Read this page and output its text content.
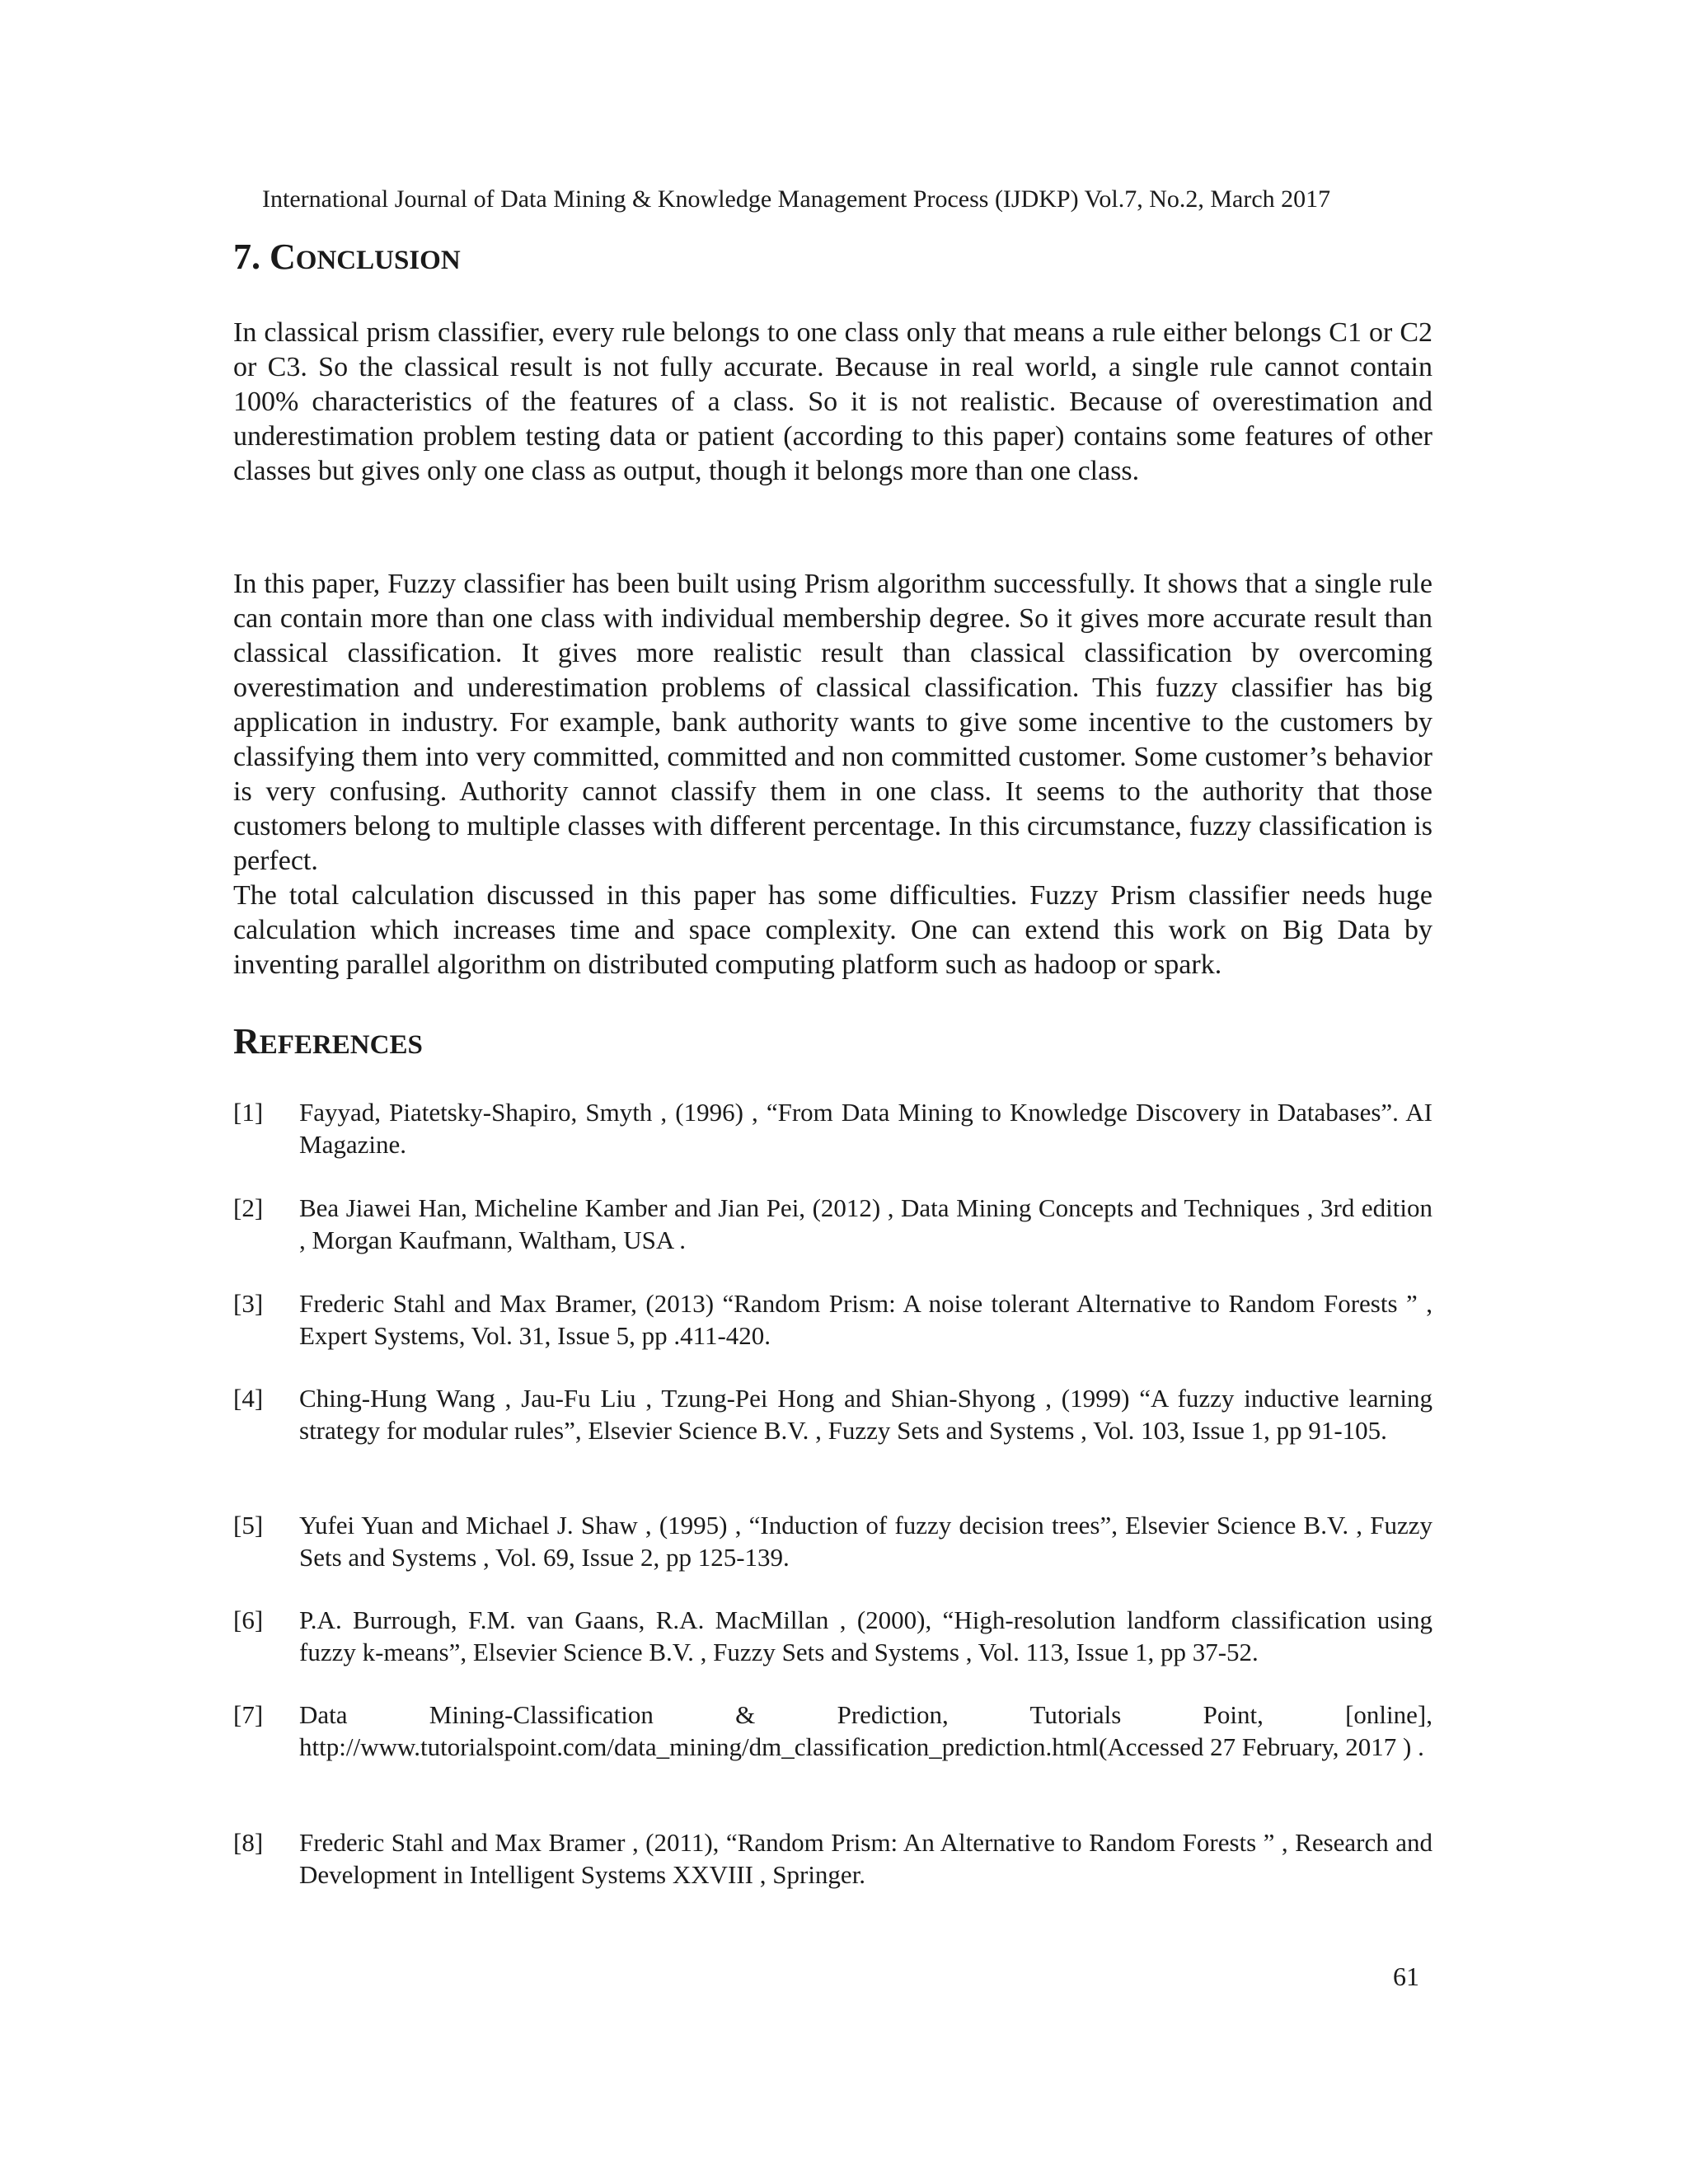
International Journal of Data Mining & Knowledge Management Process (IJDKP) Vol.7, No.2, March 2017
7. CONCLUSION
In classical prism classifier, every rule belongs to one class only that means a rule either belongs C1 or C2 or C3. So the classical result is not fully accurate. Because in real world, a single rule cannot contain 100% characteristics of the features of a class. So it is not realistic. Because of overestimation and underestimation problem testing data or patient (according to this paper) contains some features of other classes but gives only one class as output, though it belongs more than one class.
In this paper, Fuzzy classifier has been built using Prism algorithm successfully. It shows that a single rule can contain more than one class with individual membership degree. So it gives more accurate result than classical classification. It gives more realistic result than classical classification by overcoming overestimation and underestimation problems of classical classification. This fuzzy classifier has big application in industry. For example, bank authority wants to give some incentive to the customers by classifying them into very committed, committed and non committed customer. Some customer’s behavior is very confusing. Authority cannot classify them in one class. It seems to the authority that those customers belong to multiple classes with different percentage. In this circumstance, fuzzy classification is perfect.
The total calculation discussed in this paper has some difficulties. Fuzzy Prism classifier needs huge calculation which increases time and space complexity. One can extend this work on Big Data by inventing parallel algorithm on distributed computing platform such as hadoop or spark.
REFERENCES
[1]	Fayyad, Piatetsky-Shapiro, Smyth , (1996) , “From Data Mining to Knowledge Discovery in Databases”. AI Magazine.
[2]	Bea Jiawei Han, Micheline Kamber and Jian Pei, (2012) , Data Mining Concepts and Techniques , 3rd edition , Morgan Kaufmann, Waltham, USA .
[3]	Frederic Stahl and Max Bramer, (2013) “Random Prism: A noise tolerant Alternative to Random Forests ” , Expert Systems, Vol. 31, Issue 5, pp .411-420.
[4]	Ching-Hung Wang , Jau-Fu Liu , Tzung-Pei Hong and Shian-Shyong , (1999) “A fuzzy inductive learning strategy for modular rules”, Elsevier Science B.V. , Fuzzy Sets and Systems , Vol. 103, Issue 1, pp 91-105.
[5]	Yufei Yuan and Michael J. Shaw , (1995) , “Induction of fuzzy decision trees”, Elsevier Science B.V. , Fuzzy Sets and Systems , Vol. 69, Issue 2, pp 125-139.
[6]	P.A. Burrough, F.M. van Gaans, R.A. MacMillan , (2000), “High-resolution landform classification using fuzzy k-means”, Elsevier Science B.V. , Fuzzy Sets and Systems , Vol. 113, Issue 1, pp 37-52.
[7]	Data Mining-Classification & Prediction, Tutorials Point, [online], http://www.tutorialspoint.com/data_mining/dm_classification_prediction.html(Accessed 27 February, 2017 ) .
[8]	Frederic Stahl and Max Bramer , (2011), “Random Prism: An Alternative to Random Forests ” , Research and Development in Intelligent Systems XXVIII , Springer.
61
